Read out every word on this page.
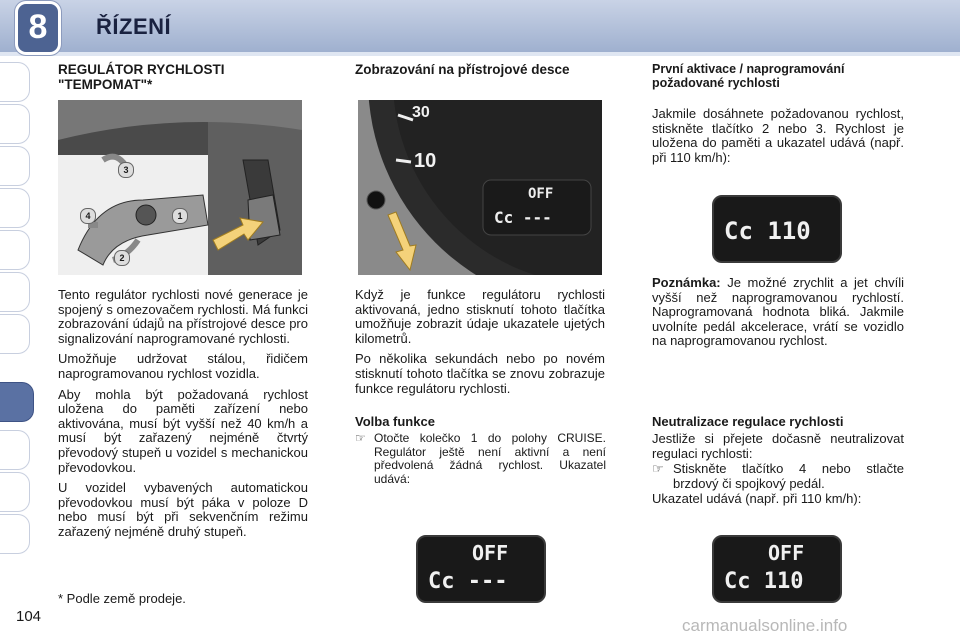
8	ŘÍZENÍ
REGULÁTOR RYCHLOSTI "TEMPOMAT"*
3
4	1
2
Tento regulátor rychlosti nové generace je spojený s omezovačem rychlosti. Má funkci zobrazování údajů na přístrojové desce pro signalizování naprogramované rychlosti.
Umožňuje udržovat stálou, řidičem naprogramovanou rychlost vozidla.
Aby mohla být požadovaná rychlost uložena do paměti zařízení nebo aktivována, musí být vyšší než 40 km/h a musí být zařazený nejméně čtvrtý převodový stupeň u vozidel s mechanickou převodovkou.
U vozidel vybavených automatickou převodovkou musí být páka v poloze D nebo musí být při sekvenčním režimu zařazený nejméně druhý stupeň.
* Podle země prodeje.
Zobrazování na přístrojové desce
30
10
OFF
Cc ---
Když je funkce regulátoru rychlosti aktivovaná, jedno stisknutí tohoto tlačítka umožňuje zobrazit údaje ukazatele ujetých kilometrů.
Po několika sekundách nebo po novém stisknutí tohoto tlačítka se znovu zobrazuje funkce regulátoru rychlosti.
Volba funkce
☞ Otočte kolečko 1 do polohy CRUISE. Regulátor ještě není aktivní a není předvolená žádná rychlost. Ukazatel udává:
OFF
Cc ---
První aktivace / naprogramování požadované rychlosti
Jakmile dosáhnete požadovanou rychlost, stiskněte tlačítko 2 nebo 3. Rychlost je uložena do paměti a ukazatel udává (např. při 110 km/h):
Cc 110
Poznámka: Je možné zrychlit a jet chvíli vyšší než naprogramovanou rychlostí. Naprogramovaná hodnota bliká. Jakmile uvolníte pedál akcelerace, vrátí se vozidlo na naprogramovanou rychlost.
Neutralizace regulace rychlosti
Jestliže si přejete dočasně neutralizovat regulaci rychlosti:
☞ Stiskněte tlačítko 4 nebo stlačte brzdový či spojkový pedál.
Ukazatel udává (např. při 110 km/h):
OFF
Cc 110
104	carmanualsonline.info
